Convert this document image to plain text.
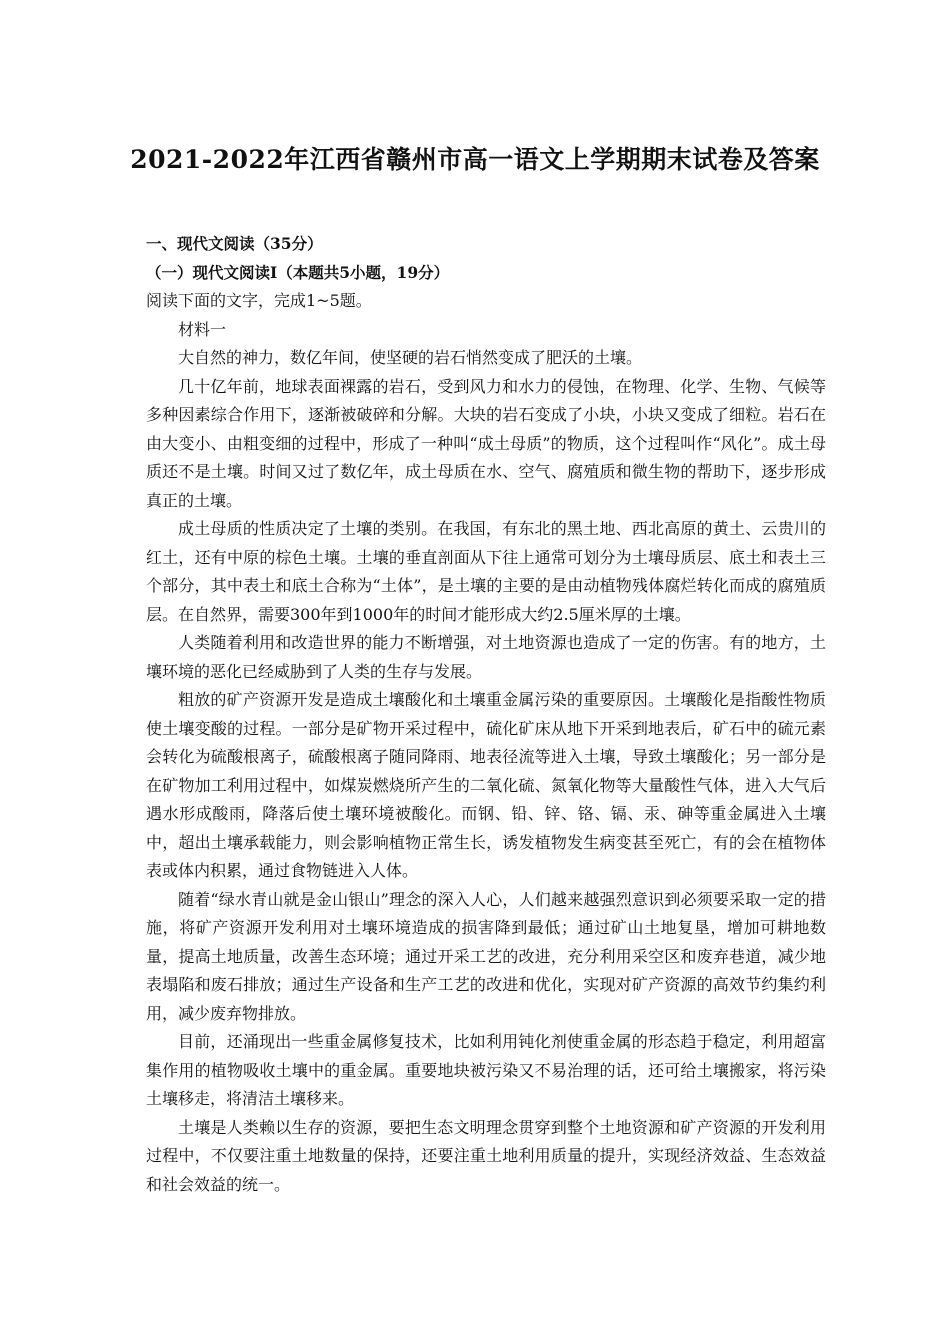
2021-2022年江西省赣州市高一语文上学期期末试卷及答案

一、现代文阅读（35分）

（一）现代文阅读Ⅰ（本题共5小题，19分）

阅读下面的文字，完成1~5题。

材料一

大自然的神力，数亿年间，使坚硬的岩石悄然变成了肥沃的土壤。

几十亿年前，地球表面裸露的岩石，受到风力和水力的侵蚀，在物理、化学、生物、气候等多种因素综合作用下，逐渐被破碎和分解。大块的岩石变成了小块，小块又变成了细粒。岩石在由大变小、由粗变细的过程中，形成了一种叫“成土母质”的物质，这个过程叫作“风化”。成土母质还不是土壤。时间又过了数亿年，成土母质在水、空气、腐殖质和微生物的帮助下，逐步形成真正的土壤。

成土母质的性质决定了土壤的类别。在我国，有东北的黑土地、西北高原的黄土、云贵川的红土，还有中原的棕色土壤。土壤的垂直剖面从下往上通常可划分为土壤母质层、底土和表土三个部分，其中表土和底土合称为“土体”，是土壤的主要的是由动植物残体腐烂转化而成的腐殖质层。在自然界，需要300年到1000年的时间才能形成大约2.5厘米厚的土壤。

人类随着利用和改造世界的能力不断增强，对土地资源也造成了一定的伤害。有的地方，土壤环境的恶化已经威胁到了人类的生存与发展。

粗放的矿产资源开发是造成土壤酸化和土壤重金属污染的重要原因。土壤酸化是指酸性物质使土壤变酸的过程。一部分是矿物开采过程中，硫化矿床从地下开采到地表后，矿石中的硫元素会转化为硫酸根离子，硫酸根离子随同降雨、地表径流等进入土壤，导致土壤酸化；另一部分是在矿物加工利用过程中，如煤炭燃烧所产生的二氧化硫、氮氧化物等大量酸性气体，进入大气后遇水形成酸雨，降落后使土壤环境被酸化。而钢、铅、锌、铬、镉、汞、砷等重金属进入土壤中，超出土壤承载能力，则会影响植物正常生长，诱发植物发生病变甚至死亡，有的会在植物体表或体内积累，通过食物链进入人体。

随着“绿水青山就是金山银山”理念的深入人心，人们越来越强烈意识到必须要采取一定的措施，将矿产资源开发利用对土壤环境造成的损害降到最低；通过矿山土地复垦，增加可耕地数量，提高土地质量，改善生态环境；通过开采工艺的改进，充分利用采空区和废弃巷道，减少地表塌陷和废石排放；通过生产设备和生产工艺的改进和优化，实现对矿产资源的高效节约集约利用，减少废弃物排放。

目前，还涌现出一些重金属修复技术，比如利用钝化剂使重金属的形态趋于稳定，利用超富集作用的植物吸收土壤中的重金属。重要地块被污染又不易治理的话，还可给土壤搬家，将污染土壤移走，将清洁土壤移来。

土壤是人类赖以生存的资源，要把生态文明理念贯穿到整个土地资源和矿产资源的开发利用过程中，不仅要注重土地数量的保持，还要注重土地利用质量的提升，实现经济效益、生态效益和社会效益的统一。
